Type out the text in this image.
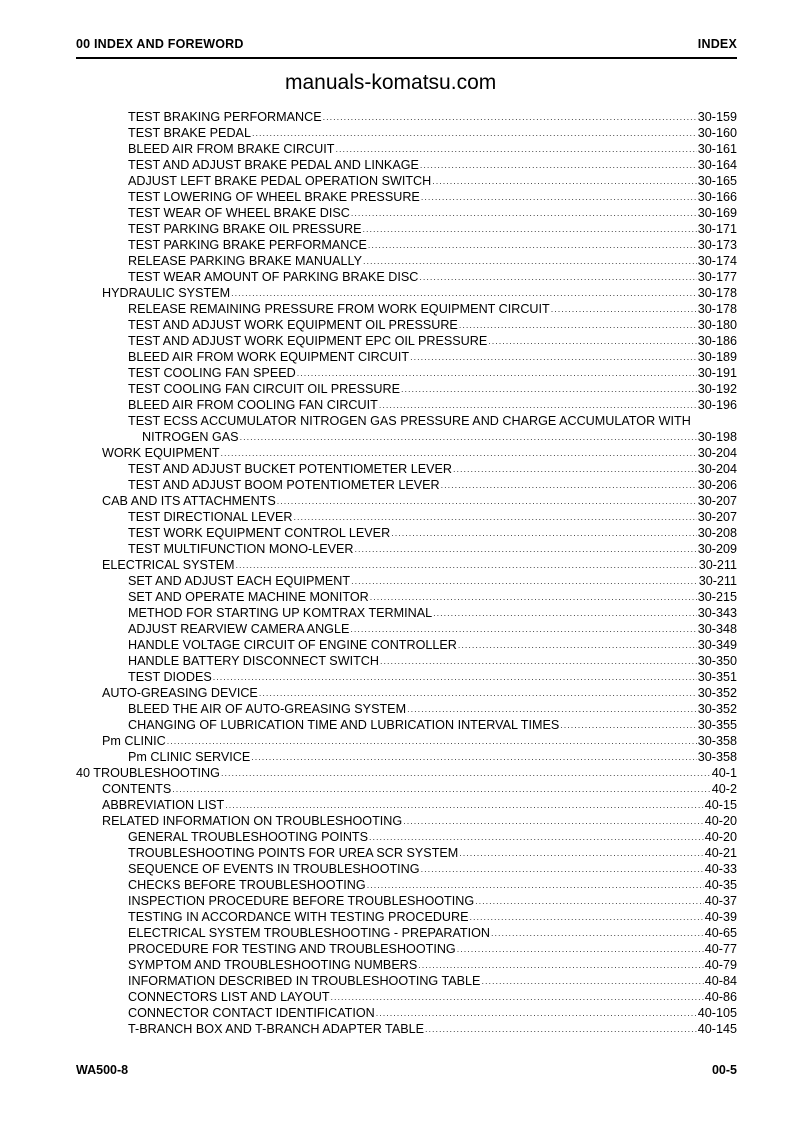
00 INDEX AND FOREWORD	INDEX
manuals-komatsu.com
TEST BRAKING PERFORMANCE .....	30-159
TEST BRAKE PEDAL .....	30-160
BLEED AIR FROM BRAKE CIRCUIT .....	30-161
TEST AND ADJUST BRAKE PEDAL AND LINKAGE .....	30-164
ADJUST LEFT BRAKE PEDAL OPERATION SWITCH .....	30-165
TEST LOWERING OF WHEEL BRAKE PRESSURE .....	30-166
TEST WEAR OF WHEEL BRAKE DISC .....	30-169
TEST PARKING BRAKE OIL PRESSURE .....	30-171
TEST PARKING BRAKE PERFORMANCE .....	30-173
RELEASE PARKING BRAKE MANUALLY .....	30-174
TEST WEAR AMOUNT OF PARKING BRAKE DISC .....	30-177
HYDRAULIC SYSTEM .....	30-178
RELEASE REMAINING PRESSURE FROM WORK EQUIPMENT CIRCUIT .....	30-178
TEST AND ADJUST WORK EQUIPMENT OIL PRESSURE .....	30-180
TEST AND ADJUST WORK EQUIPMENT EPC OIL PRESSURE .....	30-186
BLEED AIR FROM WORK EQUIPMENT CIRCUIT .....	30-189
TEST COOLING FAN SPEED .....	30-191
TEST COOLING FAN CIRCUIT OIL PRESSURE .....	30-192
BLEED AIR FROM COOLING FAN CIRCUIT .....	30-196
TEST ECSS ACCUMULATOR NITROGEN GAS PRESSURE AND CHARGE ACCUMULATOR WITH
NITROGEN GAS .....	30-198
WORK EQUIPMENT .....	30-204
TEST AND ADJUST BUCKET POTENTIOMETER LEVER .....	30-204
TEST AND ADJUST BOOM POTENTIOMETER LEVER .....	30-206
CAB AND ITS ATTACHMENTS .....	30-207
TEST DIRECTIONAL LEVER .....	30-207
TEST WORK EQUIPMENT CONTROL LEVER .....	30-208
TEST MULTIFUNCTION MONO-LEVER .....	30-209
ELECTRICAL SYSTEM .....	30-211
SET AND ADJUST EACH EQUIPMENT .....	30-211
SET AND OPERATE MACHINE MONITOR .....	30-215
METHOD FOR STARTING UP KOMTRAX TERMINAL .....	30-343
ADJUST REARVIEW CAMERA ANGLE .....	30-348
HANDLE VOLTAGE CIRCUIT OF ENGINE CONTROLLER .....	30-349
HANDLE BATTERY DISCONNECT SWITCH .....	30-350
TEST DIODES .....	30-351
AUTO-GREASING DEVICE .....	30-352
BLEED THE AIR OF AUTO-GREASING SYSTEM .....	30-352
CHANGING OF LUBRICATION TIME AND LUBRICATION INTERVAL TIMES .....	30-355
Pm CLINIC .....	30-358
Pm CLINIC SERVICE .....	30-358
40 TROUBLESHOOTING .....	40-1
CONTENTS .....	40-2
ABBREVIATION LIST .....	40-15
RELATED INFORMATION ON TROUBLESHOOTING .....	40-20
GENERAL TROUBLESHOOTING POINTS .....	40-20
TROUBLESHOOTING POINTS FOR UREA SCR SYSTEM .....	40-21
SEQUENCE OF EVENTS IN TROUBLESHOOTING .....	40-33
CHECKS BEFORE TROUBLESHOOTING .....	40-35
INSPECTION PROCEDURE BEFORE TROUBLESHOOTING .....	40-37
TESTING IN ACCORDANCE WITH TESTING PROCEDURE .....	40-39
ELECTRICAL SYSTEM TROUBLESHOOTING - PREPARATION .....	40-65
PROCEDURE FOR TESTING AND TROUBLESHOOTING .....	40-77
SYMPTOM AND TROUBLESHOOTING NUMBERS .....	40-79
INFORMATION DESCRIBED IN TROUBLESHOOTING TABLE .....	40-84
CONNECTORS LIST AND LAYOUT .....	40-86
CONNECTOR CONTACT IDENTIFICATION .....	40-105
T-BRANCH BOX AND T-BRANCH ADAPTER TABLE .....	40-145
WA500-8	00-5
